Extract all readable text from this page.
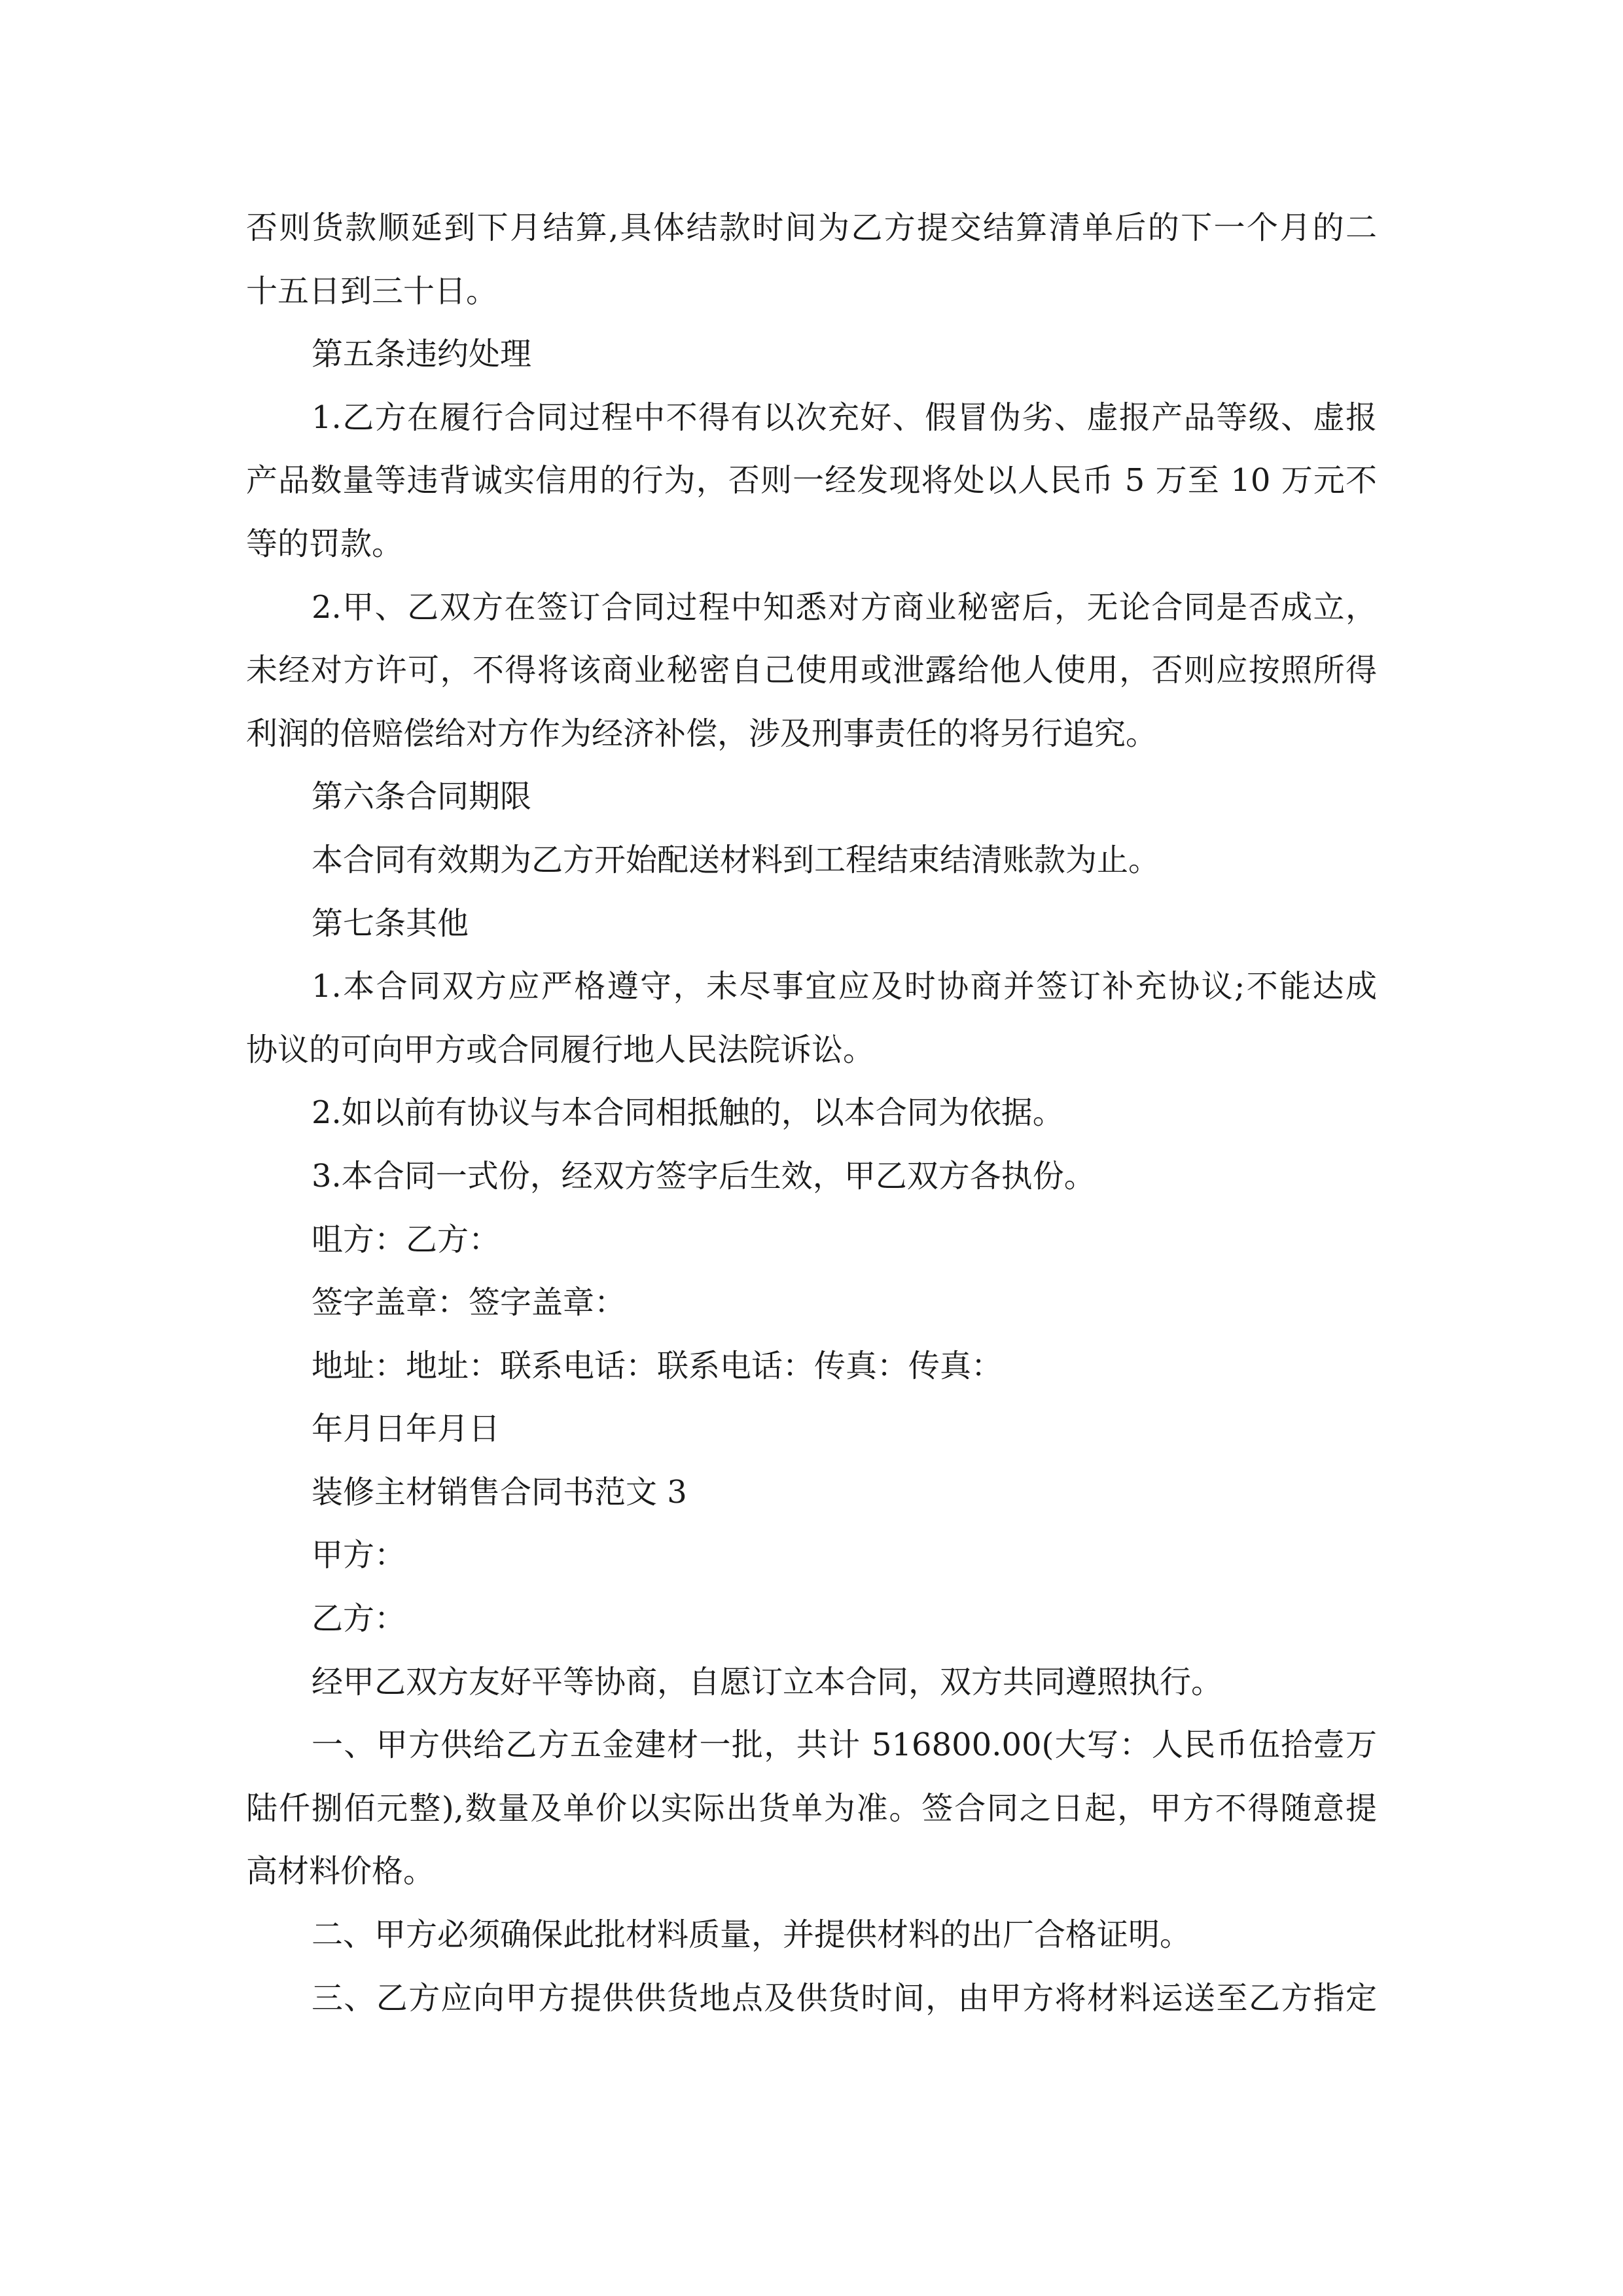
否则货款顺延到下月结算,具体结款时间为乙方提交结算清单后的下一个月的二

十五日到三十日。

第五条违约处理

1.乙方在履行合同过程中不得有以次充好、假冒伪劣、虚报产品等级、虚报

产品数量等违背诚实信用的行为，否则一经发现将处以人民币 5 万至 10 万元不

等的罚款。

2.甲、乙双方在签订合同过程中知悉对方商业秘密后，无论合同是否成立，

未经对方许可，不得将该商业秘密自己使用或泄露给他人使用，否则应按照所得

利润的倍赔偿给对方作为经济补偿，涉及刑事责任的将另行追究。

第六条合同期限

本合同有效期为乙方开始配送材料到工程结束结清账款为止。

第七条其他

1.本合同双方应严格遵守，未尽事宜应及时协商并签订补充协议;不能达成

协议的可向甲方或合同履行地人民法院诉讼。

2.如以前有协议与本合同相抵触的，以本合同为依据。

3.本合同一式份，经双方签字后生效，甲乙双方各执份。

咀方：乙方：

签字盖章：签字盖章：

地址：地址：联系电话：联系电话：传真：传真：

年月日年月日

装修主材销售合同书范文 3

甲方：

乙方：

经甲乙双方友好平等协商，自愿订立本合同，双方共同遵照执行。

一、甲方供给乙方五金建材一批，共计 516800.00(大写：人民币伍拾壹万

陆仟捌佰元整),数量及单价以实际出货单为准。签合同之日起，甲方不得随意提

高材料价格。

二、甲方必须确保此批材料质量，并提供材料的出厂合格证明。

三、乙方应向甲方提供供货地点及供货时间，由甲方将材料运送至乙方指定
